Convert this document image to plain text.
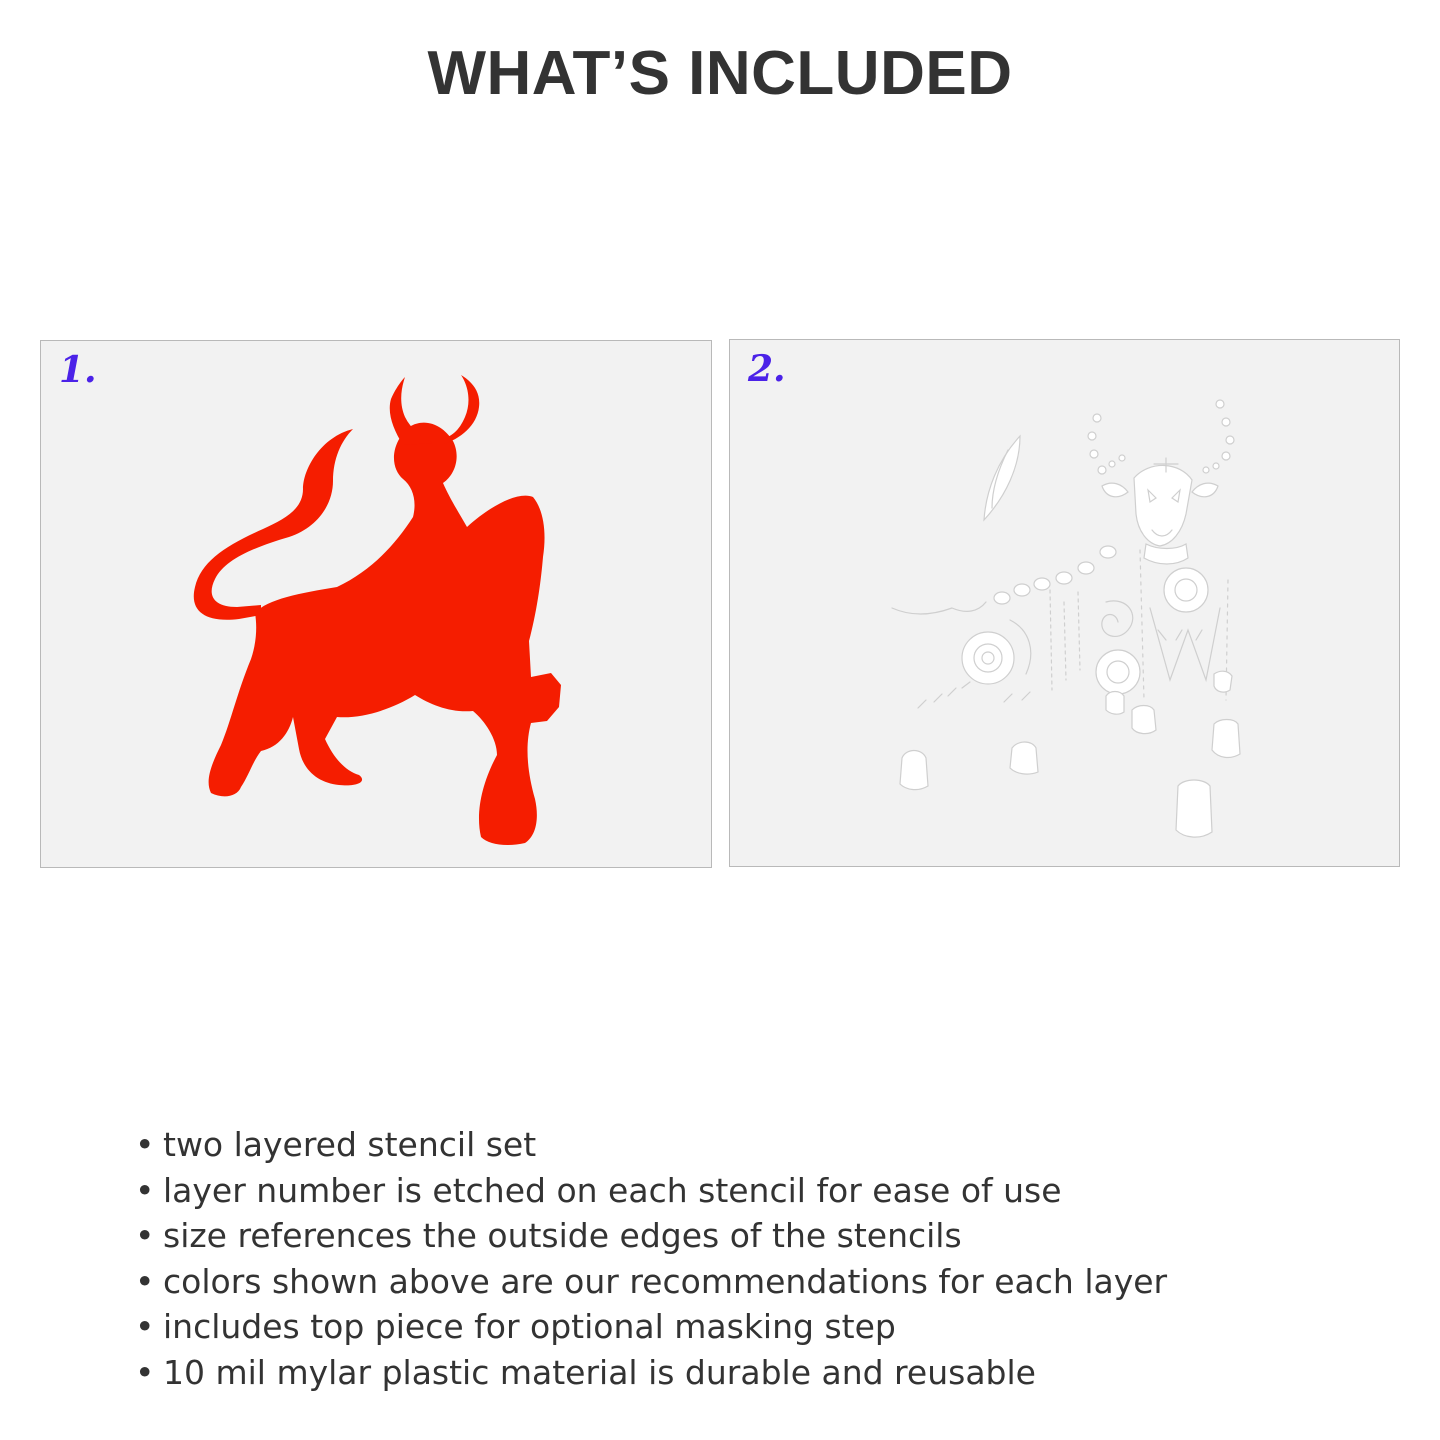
WHAT’S INCLUDED
1.	2.
• two layered stencil set
• layer number is etched on each stencil for ease of use
• size references the outside edges of the stencils
• colors shown above are our recommendations for each layer
• includes top piece for optional masking step
• 10 mil mylar plastic material is durable and reusable
